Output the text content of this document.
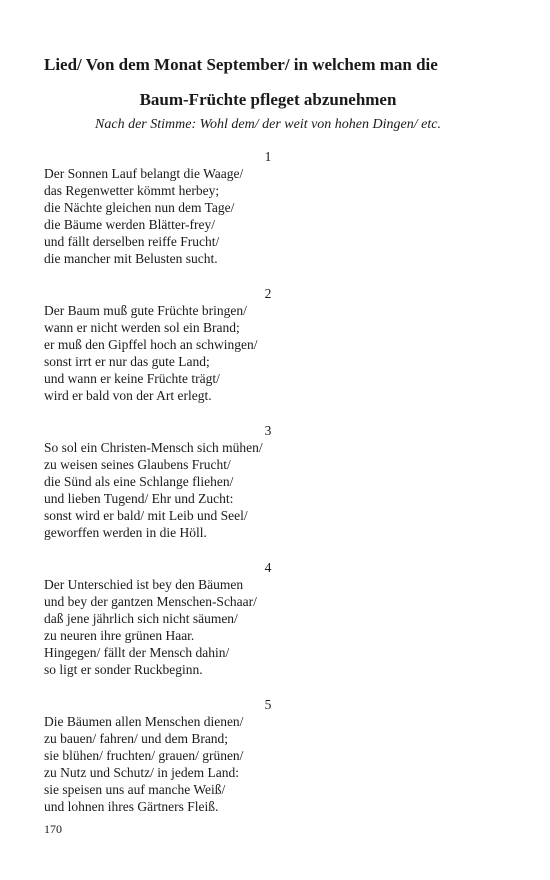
Lied/ Von dem Monat September/ in welchem man die
Baum-Früchte pfleget abzunehmen

Nach der Stimme: Wohl dem/ der weit von hohen Dingen/ etc.

1
Der Sonnen Lauf belangt die Waage/
das Regenwetter kömmt herbey;
die Nächte gleichen nun dem Tage/
die Bäume werden Blätter-frey/
und fällt derselben reiffe Frucht/
die mancher mit Belusten sucht.
2
Der Baum muß gute Früchte bringen/
wann er nicht werden sol ein Brand;
er muß den Gipffel hoch an schwingen/
sonst irrt er nur das gute Land;
und wann er keine Früchte trägt/
wird er bald von der Art erlegt.
3
So sol ein Christen-Mensch sich mühen/
zu weisen seines Glaubens Frucht/
die Sünd als eine Schlange fliehen/
und lieben Tugend/ Ehr und Zucht:
sonst wird er bald/ mit Leib und Seel/
geworffen werden in die Höll.
4
Der Unterschied ist bey den Bäumen
und bey der gantzen Menschen-Schaar/
daß jene jährlich sich nicht säumen/
zu neuren ihre grünen Haar.
Hingegen/ fällt der Mensch dahin/
so ligt er sonder Ruckbeginn.
5
Die Bäumen allen Menschen dienen/
zu bauen/ fahren/ und dem Brand;
sie blühen/ fruchten/ grauen/ grünen/
zu Nutz und Schutz/ in jedem Land:
sie speisen uns auf manche Weiß/
und lohnen ihres Gärtners Fleiß.
170
